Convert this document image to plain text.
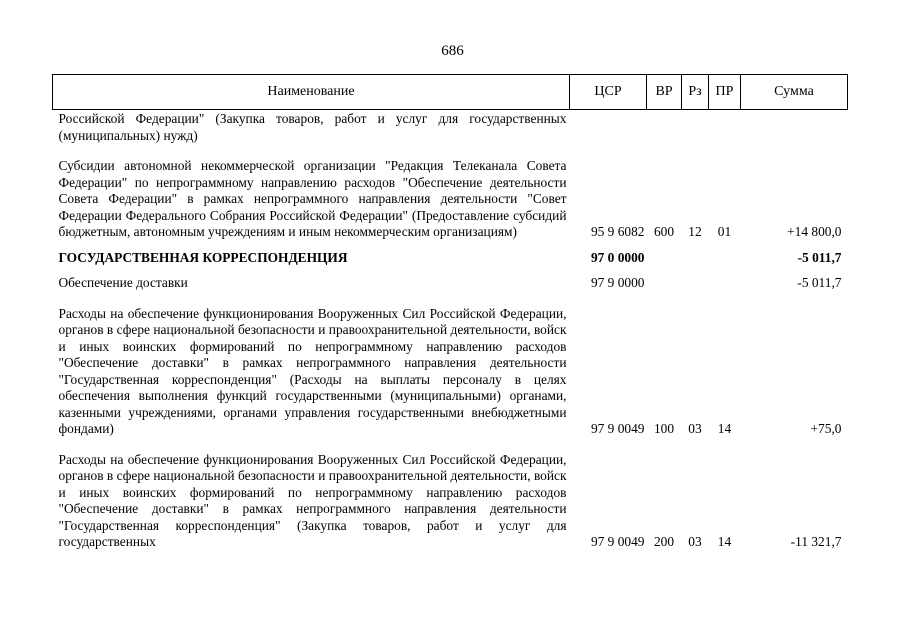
686
Наименование	ЦСР	ВР	Рз	ПР	Сумма
Российской Федерации" (Закупка товаров, работ и услуг для государственных (муниципальных) нужд)					
Субсидии автономной некоммерческой организации "Редакция Телеканала Совета Федерации" по непрограммному направлению расходов "Обеспечение деятельности Совета Федерации" в рамках непрограммного направления деятельности "Совет Федерации Федерального Собрания Российской Федерации" (Предоставление субсидий бюджетным, автономным учреждениям и иным некоммерческим организациям)	95 9 6082	600	12	01	+14 800,0
ГОСУДАРСТВЕННАЯ КОРРЕСПОНДЕНЦИЯ	97 0 0000				-5 011,7
Обеспечение доставки	97 9 0000				-5 011,7
Расходы на обеспечение функционирования Вооруженных Сил Российской Федерации, органов в сфере национальной безопасности и правоохранительной деятельности, войск и иных воинских формирований по непрограммному направлению расходов "Обеспечение доставки" в рамках непрограммного направления деятельности "Государственная корреспонденция" (Расходы на выплаты персоналу в целях обеспечения выполнения функций государственными (муниципальными) органами, казенными учреждениями, органами управления государственными внебюджетными фондами)	97 9 0049	100	03	14	+75,0
Расходы на обеспечение функционирования Вооруженных Сил Российской Федерации, органов в сфере национальной безопасности и правоохранительной деятельности, войск и иных воинских формирований по непрограммному направлению расходов "Обеспечение доставки" в рамках непрограммного направления деятельности "Государственная корреспонденция" (Закупка товаров, работ и услуг для государственных	97 9 0049	200	03	14	-11 321,7
